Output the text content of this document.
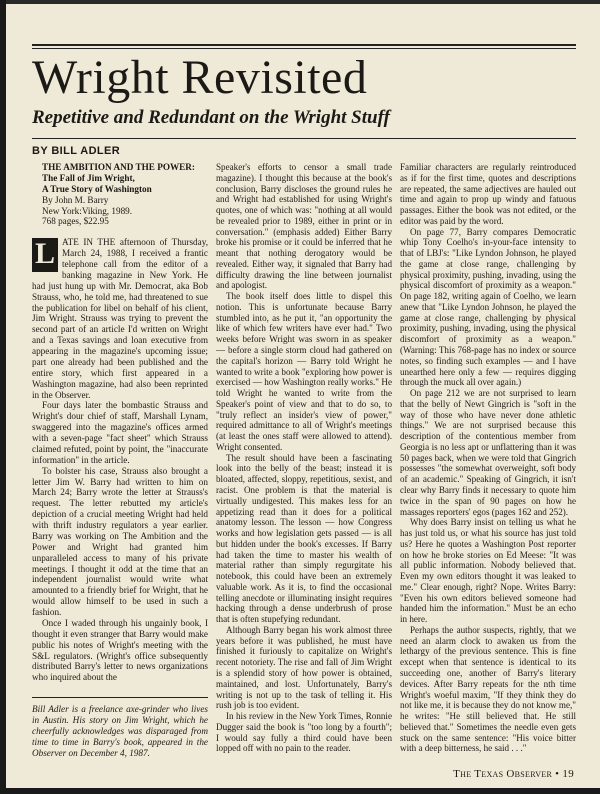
Wright Revisited
Repetitive and Redundant on the Wright Stuff
BY BILL ADLER

THE AMBITION AND THE POWER:

The Fall of Jim Wright,

A True Story of Washington

By John M. Barry

New York:Viking, 1989.

768 pages, $22.95

L ATE IN THE afternoon of Thursday, March 24, 1988, I received a frantic telephone call from the editor of a banking magazine in New York. He had just hung up with Mr. Democrat, aka Bob Strauss, who, he told me, had threatened to sue the publication for libel on behalf of his client, Jim Wright. Strauss was trying to prevent the second part of an article I'd written on Wright and a Texas savings and loan executive from appearing in the magazine's upcoming issue; part one already had been published and the entire story, which first appeared in a Washington magazine, had also been reprinted in the Observer.

Four days later the bombastic Strauss and Wright's dour chief of staff, Marshall Lynam, swaggered into the magazine's offices armed with a seven-page "fact sheet" which Strauss claimed refuted, point by point, the "inaccurate information" in the article.

To bolster his case, Strauss also brought a letter Jim W. Barry had written to him on March 24; Barry wrote the letter at Strauss's request. The letter rebutted my article's depiction of a crucial meeting Wright had held with thrift industry regulators a year earlier. Barry was working on The Ambition and the Power and Wright had granted him unparalleled access to many of his private meetings. I thought it odd at the time that an independent journalist would write what amounted to a friendly brief for Wright, that he would allow himself to be used in such a fashion.

Once I waded through his ungainly book, I thought it even stranger that Barry would make public his notes of Wright's meeting with the S&L regulators. (Wright's office subsequently distributed Barry's letter to news organizations who inquired about the

Bill Adler is a freelance axe-grinder who lives in Austin. His story on Jim Wright, which he cheerfully acknowledges was disparaged from time to time in Barry's book, appeared in the Observer on December 4, 1987.

Speaker's efforts to censor a small trade magazine). I thought this because at the book's conclusion, Barry discloses the ground rules he and Wright had established for using Wright's quotes, one of which was: "nothing at all would be revealed prior to 1989, either in print or in conversation." (emphasis added) Either Barry broke his promise or it could be inferred that he meant that nothing derogatory would be revealed. Either way, it signaled that Barry had difficulty drawing the line between journalist and apologist.

The book itself does little to dispel this notion. This is unfortunate because Barry stumbled into, as he put it, "an opportunity the like of which few writers have ever had." Two weeks before Wright was sworn in as speaker — before a single storm cloud had gathered on the capital's horizon — Barry told Wright he wanted to write a book "exploring how power is exercised — how Washington really works." He told Wright he wanted to write from the Speaker's point of view and that to do so, to "truly reflect an insider's view of power," required admittance to all of Wright's meetings (at least the ones staff were allowed to attend). Wright consented.

The result should have been a fascinating look into the belly of the beast; instead it is bloated, affected, sloppy, repetitious, sexist, and racist. One problem is that the material is virtually undigested. This makes less for an appetizing read than it does for a political anatomy lesson. The lesson — how Congress works and how legislation gets passed — is all but hidden under the book's excesses. If Barry had taken the time to master his wealth of material rather than simply regurgitate his notebook, this could have been an extremely valuable work. As it is, to find the occasional telling anecdote or illuminating insight requires hacking through a dense underbrush of prose that is often stupefying redundant.

Although Barry began his work almost three years before it was published, he must have finished it furiously to capitalize on Wright's recent notoriety. The rise and fall of Jim Wright is a splendid story of how power is obtained, maintained, and lost. Unfortunately, Barry's writing is not up to the task of telling it. His rush job is too evident.

In his review in the New York Times, Ronnie Dugger said the book is "too long by a fourth"; I would say fully a third could have been lopped off with no pain to the reader.

Familiar characters are regularly reintroduced as if for the first time, quotes and descriptions are repeated, the same adjectives are hauled out time and again to prop up windy and fatuous passages. Either the book was not edited, or the editor was paid by the word.

On page 77, Barry compares Democratic whip Tony Coelho's in-your-face intensity to that of LBJ's: "Like Lyndon Johnson, he played the game at close range, challenging by physical proximity, pushing, invading, using the physical discomfort of proximity as a weapon." On page 182, writing again of Coelho, we learn anew that "Like Lyndon Johnson, he played the game at close range, challenging by physical proximity, pushing, invading, using the physical discomfort of proximity as a weapon." (Warning: This 768-page has no index or source notes, so finding such examples — and I have unearthed here only a few — requires digging through the muck all over again.)

On page 212 we are not surprised to learn that the belly of Newt Gingrich is "soft in the way of those who have never done athletic things." We are not surprised because this description of the contentious member from Georgia is no less apt or unflattering than it was 50 pages back, when we were told that Gingrich possesses "the somewhat overweight, soft body of an academic." Speaking of Gingrich, it isn't clear why Barry finds it necessary to quote him twice in the span of 90 pages on how he massages reporters' egos (pages 162 and 252).

Why does Barry insist on telling us what he has just told us, or what his source has just told us? Here he quotes a Washington Post reporter on how he broke stories on Ed Meese: "It was all public information. Nobody believed that. Even my own editors thought it was leaked to me." Clear enough, right? Nope. Writes Barry: "Even his own editors believed someone had handed him the information." Must be an echo in here.

Perhaps the author suspects, rightly, that we need an alarm clock to awaken us from the lethargy of the previous sentence. This is fine except when that sentence is identical to its succeeding one, another of Barry's literary devices. After Barry repeats for the nth time Wright's woeful maxim, "If they think they do not like me, it is because they do not know me," he writes: "He still believed that. He still believed that." Sometimes the needle even gets stuck on the same sentence: "His voice bitter with a deep bitterness, he said . . ."

The Texas Observer • 19
